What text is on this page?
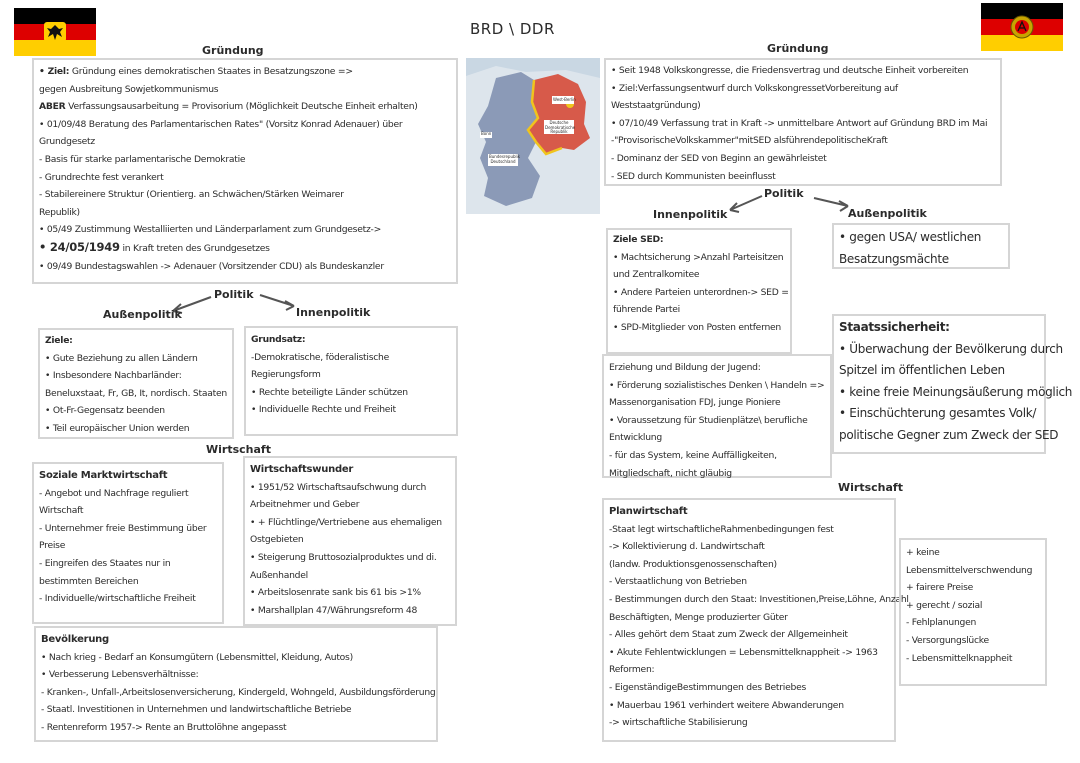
BRD \ DDR
Gründung
• Ziel: Gründung eines demokratischen Staates in Besatzungszone =>
gegen Ausbreitung Sowjetkommunismus
ABER Verfassungsausarbeitung = Provisorium (Möglichkeit Deutsche Einheit erhalten)
• 01/09/48 Beratung des Parlamentarischen Rates" (Vorsitz Konrad Adenauer) über
Grundgesetz
- Basis für starke parlamentarische Demokratie
- Grundrechte fest verankert
- Stabilereinere Struktur (Orientierg. an Schwächen/Stärken Weimarer
Republik)
• 05/49 Zustimmung Westalliierten und Länderparlament zum Grundgesetz->
• 24/05/1949 in Kraft treten des Grundgesetzes
• 09/49 Bundestagswahlen -> Adenauer (Vorsitzender CDU) als Bundeskanzler
Politik
Außenpolitik	Innenpolitik
Ziele:
• Gute Beziehung zu allen Ländern
• Insbesondere Nachbarländer:
Beneluxstaat, Fr, GB, It, nordisch. Staaten
• Ot-Fr-Gegensatz beenden
• Teil europäischer Union werden
Grundsatz:
-Demokratische, föderalistische
Regierungsform
• Rechte beteiligte Länder schützen
• Individuelle Rechte und Freiheit
Wirtschaft
Soziale Marktwirtschaft
- Angebot und Nachfrage reguliert
Wirtschaft
- Unternehmer freie Bestimmung über
Preise
- Eingreifen des Staates nur in
bestimmten Bereichen
- Individuelle/wirtschaftliche Freiheit
Wirtschaftswunder
• 1951/52 Wirtschaftsaufschwung durch
Arbeitnehmer und Geber
• + Flüchtlinge/Vertriebene aus ehemaligen
Ostgebieten
• Steigerung Bruttosozialproduktes und di.
Außenhandel
• Arbeitslosenrate sank bis 61 bis >1%
• Marshallplan 47/Währungsreform 48
Bevölkerung
• Nach krieg - Bedarf an Konsumgütern (Lebensmittel, Kleidung, Autos)
• Verbesserung Lebensverhältnisse:
- Kranken-, Unfall-,Arbeitslosenversicherung, Kindergeld, Wohngeld, Ausbildungsförderung
- Staatl. Investitionen in Unternehmen und landwirtschaftliche Betriebe
- Rentenreform 1957-> Rente an Bruttolöhne angepasst
Bonn
West-Berlin
Deutsche Demokratische Republik
Bundesrepublik Deutschland
Gründung
• Seit 1948 Volkskongresse, die Friedensvertrag und deutsche Einheit vorbereiten
• Ziel:Verfassungsentwurf durch VolkskongressetVorbereitung auf
Weststaatgründung)
• 07/10/49 Verfassung trat in Kraft -> unmittelbare Antwort auf Gründung BRD im Mai
-"ProvisorischeVolkskammer"mitSED alsführendepolitischeKraft
- Dominanz der SED von Beginn an gewährleistet
- SED durch Kommunisten beeinflusst
Politik
Innenpolitik	Außenpolitik
Ziele SED:
• Machtsicherung >Anzahl Parteisitzen
und Zentralkomitee
• Andere Parteien unterordnen-> SED =
führende Partei
• SPD-Mitglieder von Posten entfernen
• gegen USA/ westlichen
Besatzungsmächte
Erziehung und Bildung der Jugend:
• Förderung sozialistisches Denken \ Handeln =>
Massenorganisation FDJ, junge Pioniere
• Voraussetzung für Studienplätze\ berufliche
Entwicklung
- für das System, keine Auffälligkeiten,
Mitgliedschaft, nicht gläubig
Staatssicherheit:
• Überwachung der Bevölkerung durch
Spitzel im öffentlichen Leben
• keine freie Meinungsäußerung möglich
• Einschüchterung gesamtes Volk/
politische Gegner zum Zweck der SED
Wirtschaft
Planwirtschaft
-Staat legt wirtschaftlicheRahmenbedingungen fest
-> Kollektivierung d. Landwirtschaft
(landw. Produktionsgenossenschaften)
- Verstaatlichung von Betrieben
- Bestimmungen durch den Staat: Investitionen,Preise,Löhne, Anzahl
Beschäftigten, Menge produzierter Güter
- Alles gehört dem Staat zum Zweck der Allgemeinheit
• Akute Fehlentwicklungen = Lebensmittelknappheit -> 1963
Reformen:
- EigenständigeBestimmungen des Betriebes
• Mauerbau 1961 verhindert weitere Abwanderungen
-> wirtschaftliche Stabilisierung
+ keine
Lebensmittelverschwendung
+ fairere Preise
+ gerecht / sozial
- Fehlplanungen
- Versorgungslücke
- Lebensmittelknappheit
